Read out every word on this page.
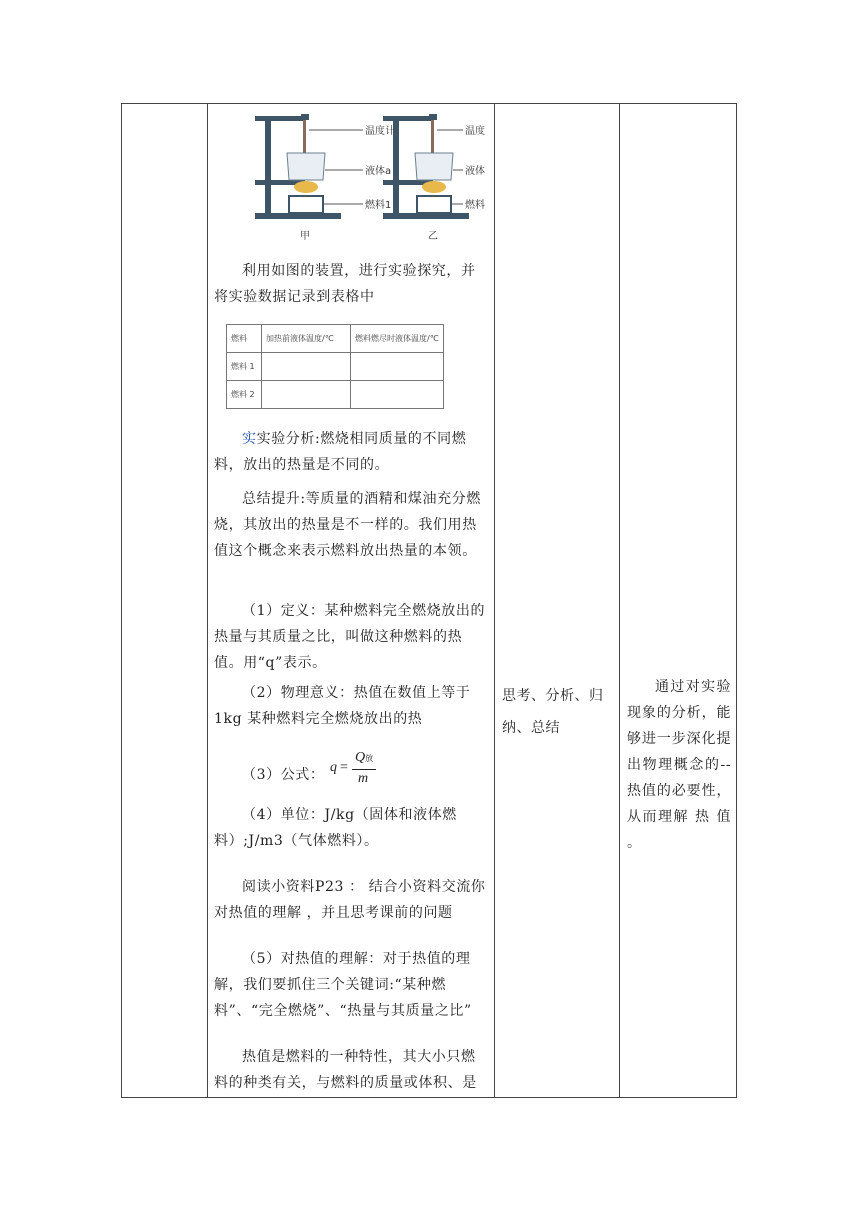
温度计
液体a
燃料1
甲
温度
液体
燃料
乙

利用如图的装置，进行实验探究，并将实验数据记录到表格中

燃料	加热前液体温度/℃	燃料燃尽时液体温度/℃
燃料 1		
燃料 2		

实实验分析:燃烧相同质量的不同燃料，放出的热量是不同的。

总结提升:等质量的酒精和煤油充分燃烧，其放出的热量是不一样的。我们用热值这个概念来表示燃料放出热量的本领。

（1）定义：某种燃料完全燃烧放出的热量与其质量之比，叫做这种燃料的热值。用“q”表示。

（2）物理意义：热值在数值上等于1kg 某种燃料完全燃烧放出的热

（3）公式： q =
Q放
m

（4）单位：J/kg（固体和液体燃料）;J/m3（气体燃料）。

阅读小资料P23 ： 结合小资料交流你对热值的理解 ，并且思考课前的问题

（5）对热值的理解：对于热值的理解，我们要抓住三个关键词:“某种燃料”、“完全燃烧”、“热量与其质量之比”

热值是燃料的一种特性，其大小只燃料的种类有关，与燃料的质量或体积、是

思考、分析、归纳、总结

通过对实验现象的分析，能够进一步深化提出物理概念的--热值的必要性，从而理解 热 值 。
